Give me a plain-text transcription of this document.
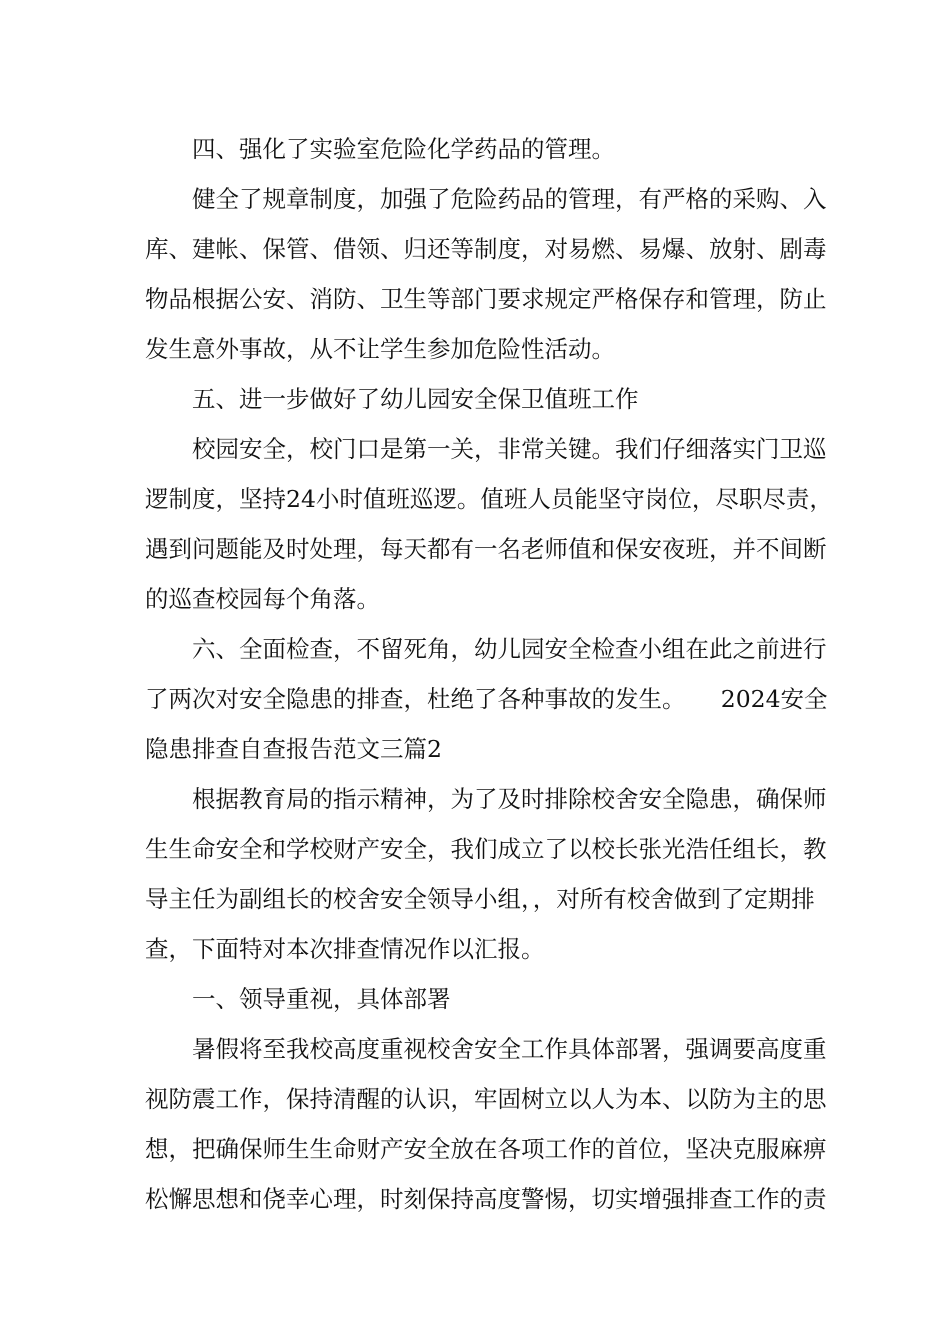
　　四、强化了实验室危险化学药品的管理。
　　健全了规章制度，加强了危险药品的管理，有严格的采购、入
库、建帐、保管、借领、归还等制度，对易燃、易爆、放射、剧毒
物品根据公安、消防、卫生等部门要求规定严格保存和管理，防止
发生意外事故，从不让学生参加危险性活动。
　　五、进一步做好了幼儿园安全保卫值班工作
　　校园安全，校门口是第一关，非常关键。我们仔细落实门卫巡
逻制度，坚持24小时值班巡逻。值班人员能坚守岗位，尽职尽责，
遇到问题能及时处理，每天都有一名老师值和保安夜班，并不间断
的巡查校园每个角落。
　　六、全面检查，不留死角，幼儿园安全检查小组在此之前进行
了两次对安全隐患的排查，杜绝了各种事故的发生。　　2024安全
隐患排查自查报告范文三篇2
　　根据教育局的指示精神，为了及时排除校舍安全隐患，确保师
生生命安全和学校财产安全，我们成立了以校长张光浩任组长，教
导主任为副组长的校舍安全领导小组，，对所有校舍做到了定期排
查，下面特对本次排查情况作以汇报。
　　一、领导重视，具体部署
　　暑假将至我校高度重视校舍安全工作具体部署，强调要高度重
视防震工作，保持清醒的认识，牢固树立以人为本、以防为主的思
想，把确保师生生命财产安全放在各项工作的首位，坚决克服麻痹
松懈思想和侥幸心理，时刻保持高度警惕，切实增强排查工作的责
